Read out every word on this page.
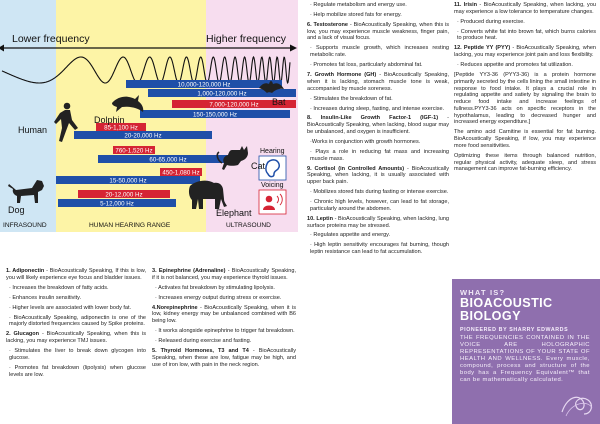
Lower frequency	Higher frequency
10,000-120,000 Hz
1,000-120,000 Hz
7,000-120,000 Hz
150-150,000 Hz
85-1,100 Hz
20-20,000 Hz
760-1,520 Hz
60-65,000 Hz
450-1,080 Hz
15-50,000 Hz
20-12,000 Hz
5-12,000 Hz
Dolphin
Bat
Human
Cat
Dog	Elephant
Hearing
Voicing
INFRASOUND	HUMAN HEARING RANGE	ULTRASOUND

1. Adiponectin - BioAcoustically Speaking, If this is low, you will likely experience eye focus and bladder issues.

· Increases the breakdown of fatty acids.

· Enhances insulin sensitivity.

· Higher levels are associated with lower body fat.

· BioAcoustically Speaking, adiponectin is one of the majorly distorted frequencies caused by Spike proteins.

2. Glucagon - BioAcoustically Speaking, when this is lacking, you may experience TMJ issues.

· Stimulates the liver to break down glycogen into glucose.

· Promotes fat breakdown (lipolysis) when glucose levels are low.

3. Epinephrine (Adrenaline) - BioAcoustically Speaking, if it is not balanced, you may experience thyroid issues.

· Activates fat breakdown by stimulating lipolysis.

· Increases energy output during stress or exercise.

4.Norepinephrine - BioAcoustically Speaking, when it is low, kidney energy may be unbalanced combined with B6 being low.

· It works alongside epinephrine to trigger fat breakdown.

· Released during exercise and fasting.

5. Thyroid Hormones, T3 and T4 - BioAcoustically Speaking, when these are low, fatigue may be high, and use of iron low, with pain in the neck region.

· Regulate metabolism and energy use.

· Help mobilize stored fats for energy.

6. Testosterone - BioAcoustically Speaking, when this is low, you may experience muscle weakness, finger pain, and a lack of visual focus.

· Supports muscle growth, which increases resting metabolic rate.

· Promotes fat loss, particularly abdominal fat.

7. Growth Hormone (GH) - BioAcoustically Speaking, when it is lacking, stomach muscle tone is weak, accompanied by muscle soreness.

· Stimulates the breakdown of fat.

· Increases during sleep, fasting, and intense exercise.

8. Insulin-Like Growth Factor-1 (IGF-1) - BioAcoustically Speaking, when lacking, blood sugar may be unbalanced, and oxygen is insufficient.

·Works in conjunction with growth hormones.

· Plays a role in reducing fat mass and increasing muscle mass.

9. Cortisol (in Controlled Amounts) - BioAcoustically Speaking, when lacking, it is usually associated with upper back pain.

· Mobilizes stored fats during fasting or intense exercise.

· Chronic high levels, however, can lead to fat storage, particularly around the abdomen.

10. Leptin - BioAcoustically Speaking, when lacking, lung surface proteins may be stressed.

· Regulates appetite and energy.

· High leptin sensitivity encourages fat burning, though leptin resistance can lead to fat accumulation.

11. Irisin - BioAcoustically Speaking, when lacking, you may experience a low tolerance to temperature changes.

· Produced during exercise.

· Converts white fat into brown fat, which burns calories to produce heat.

12. Peptide YY (PYY) - BioAcoustically Speaking, when lacking, you may experience joint pain and loss flexibility.

· Reduces appetite and promotes fat utilization.

[Peptide YY3-36 (PYY3-36) is a protein hormone primarily secreted by the cells lining the small intestine in response to food intake. It plays a crucial role in regulating appetite and satiety by signaling the brain to reduce food intake and increase feelings of fullness.PYY3-36 acts on specific receptors in the hypothalamus, leading to decreased hunger and increased energy expenditure.]

The amino acid Carnitine is essential for fat burning. BioAcoustically Speaking, if low, you may experience more food sensitivities.

Optimizing these items through balanced nutrition, regular physical activity, adequate sleep, and stress management can improve fat-burning efficiency.

WHAT IS?
BIOACOUSTIC BIOLOGY
PIONEERED BY SHARRY EDWARDS
THE FREQUENCIES CONTAINED IN THE VOICE ARE HOLOGRAPHIC REPRESENTATIONS OF YOUR STATE OF HEALTH AND WELLNESS. Every muscle, compound, process and structure of the body has a Frequency Equivalent™ that can be mathematically calculated.
